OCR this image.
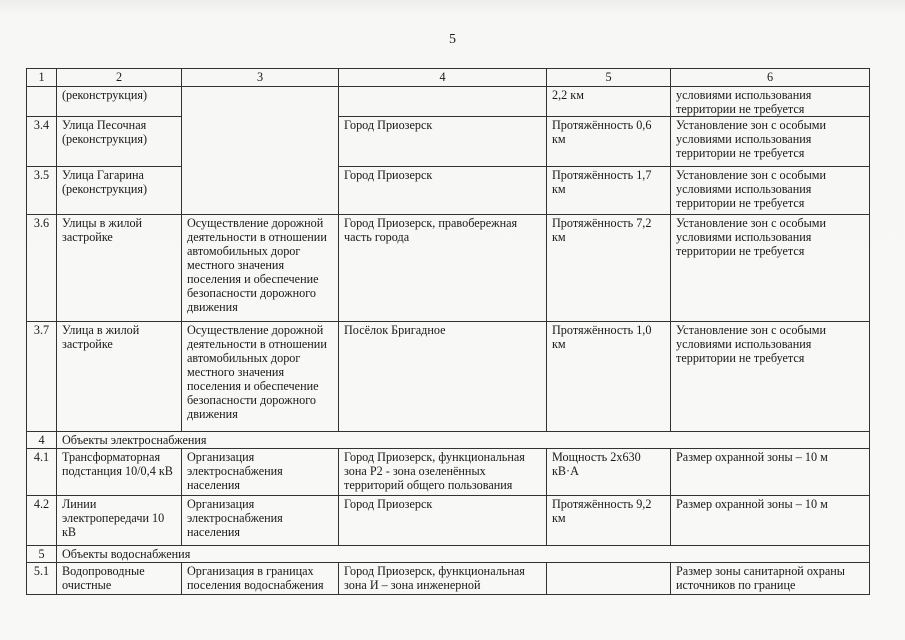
5
1	2	3	4	5	6
	(реконструкция)			2,2 км	условиями использования территории не требуется
3.4	Улица Песочная (реконструкция)		Город Приозерск	Протяжённость 0,6 км	Установление зон с особыми условиями использования территории не требуется
3.5	Улица Гагарина (реконструкция)		Город Приозерск	Протяжённость 1,7 км	Установление зон с особыми условиями использования территории не требуется
3.6	Улицы в жилой застройке	Осуществление дорожной деятельности в отношении автомобильных дорог местного значения поселения и обеспечение безопасности дорожного движения	Город Приозерск, правобережная часть города	Протяжённость 7,2 км	Установление зон с особыми условиями использования территории не требуется
3.7	Улица в жилой застройке	Осуществление дорожной деятельности в отношении автомобильных дорог местного значения поселения и обеспечение безопасности дорожного движения	Посёлок Бригадное	Протяжённость 1,0 км	Установление зон с особыми условиями использования территории не требуется
4	Объекты электроснабжения				
4.1	Трансформаторная подстанция 10/0,4 кВ	Организация электроснабжения населения	Город Приозерск, функциональная зона Р2 - зона озеленённых территорий общего пользования	Мощность 2х630 кВ·А	Размер охранной зоны – 10 м
4.2	Линии электропередачи 10 кВ	Организация электроснабжения населения	Город Приозерск	Протяжённость 9,2 км	Размер охранной зоны – 10 м
5	Объекты водоснабжения				
5.1	Водопроводные очистные	Организация в границах поселения водоснабжения	Город Приозерск, функциональная зона И – зона инженерной		Размер зоны санитарной охраны источников по границе
